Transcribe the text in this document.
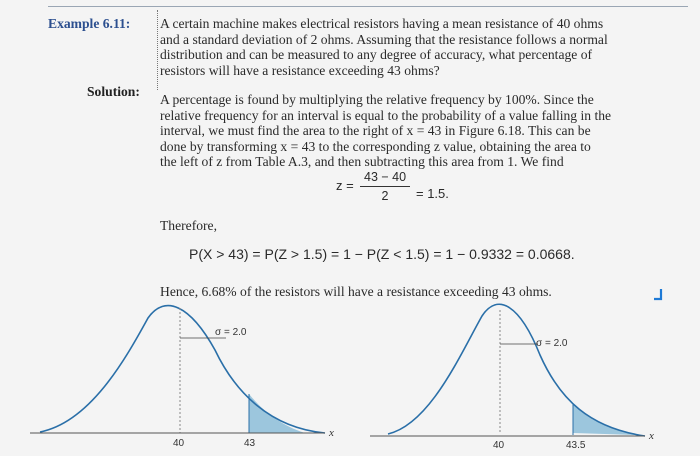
Example 6.11: A certain machine makes electrical resistors having a mean resistance of 40 ohms
and a standard deviation of 2 ohms. Assuming that the resistance follows a normal
distribution and can be measured to any degree of accuracy, what percentage of
resistors will have a resistance exceeding 43 ohms?
Solution:
A percentage is found by multiplying the relative frequency by 100%. Since the
relative frequency for an interval is equal to the probability of a value falling in the
interval, we must find the area to the right of x = 43 in Figure 6.18. This can be
done by transforming x = 43 to the corresponding z value, obtaining the area to
the left of z from Table A.3, and then subtracting this area from 1. We find
z =
43 − 40
2	= 1.5.
Therefore,
P(X > 43) = P(Z > 1.5) = 1 − P(Z < 1.5) = 1 − 0.9332 = 0.0668.
Hence, 6.68% of the resistors will have a resistance exceeding 43 ohms.
σ = 2.0
40	43
x
σ = 2.0
40	43.5
x
